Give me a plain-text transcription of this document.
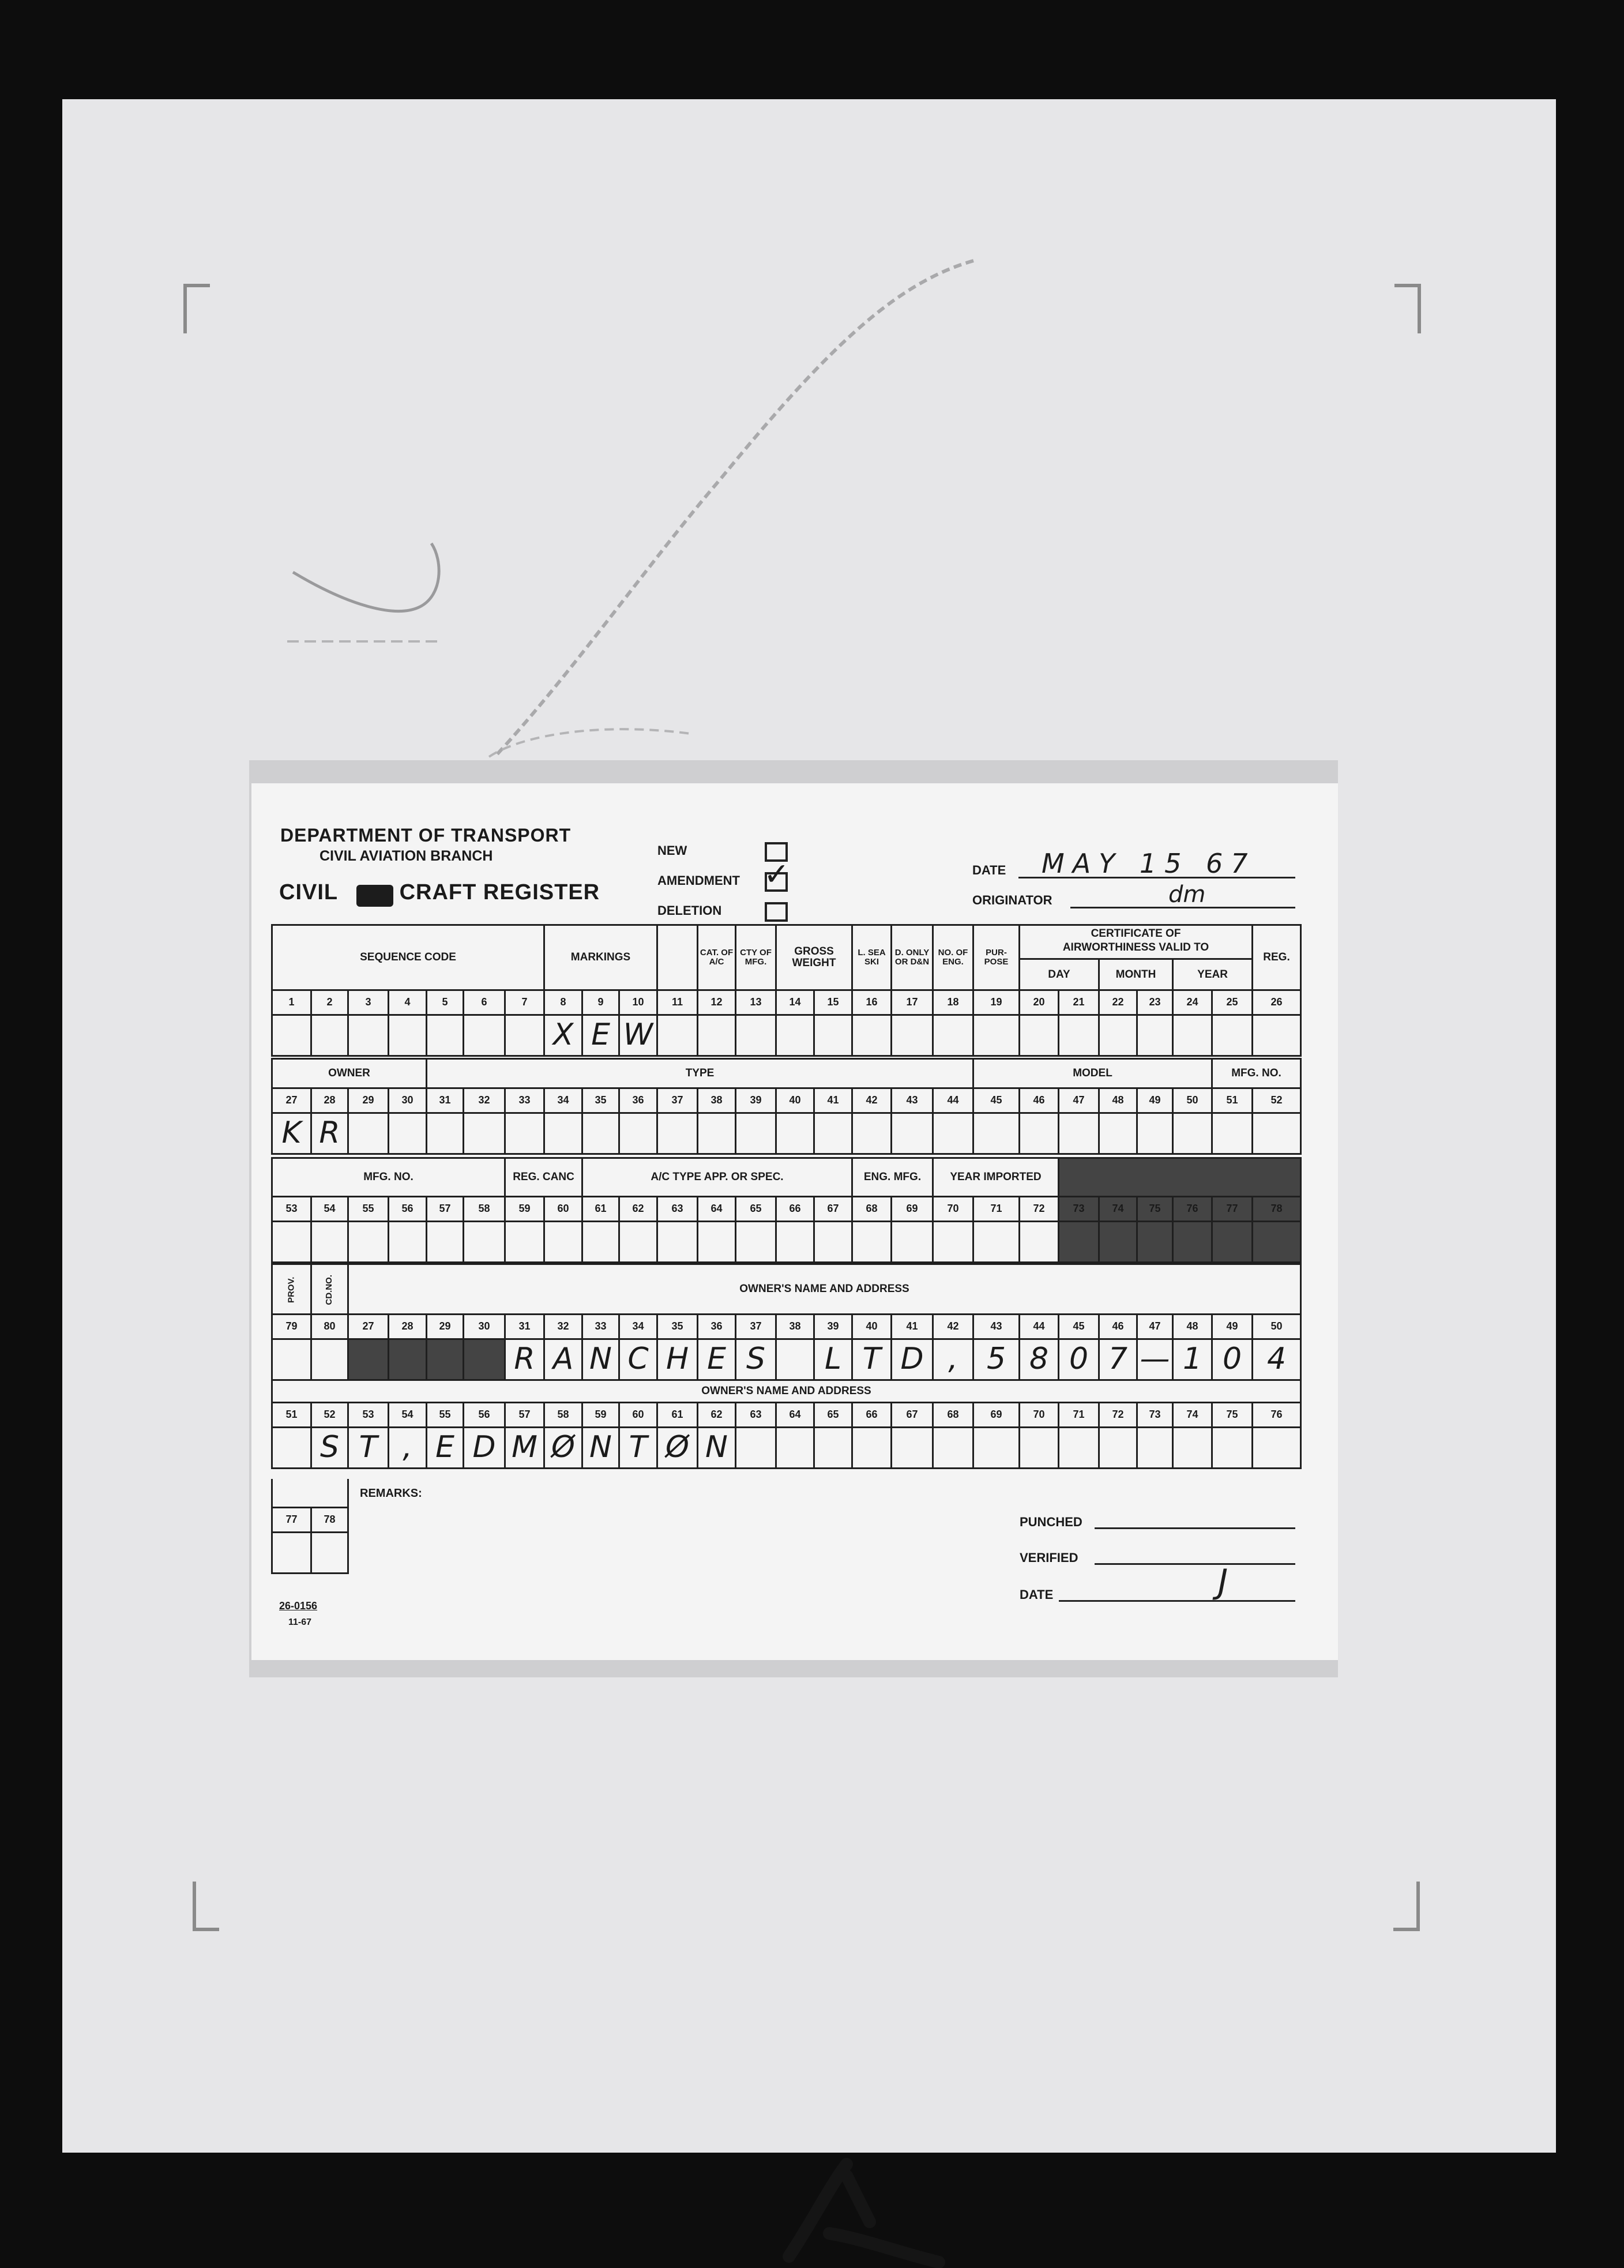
DEPARTMENT OF TRANSPORT
CIVIL AVIATION BRANCH
CIVIL	CRAFT REGISTER
NEW
AMENDMENT ✓
DELETION
DATE MAY 15 67
ORIGINATOR	dm
SEQUENCE CODE							MARKINGS				CAT. OF A/C	CTY OF MFG.	GROSS WEIGHT		L. SEA SKI	D. ONLY OR D&N	NO. OF ENG.	PUR- POSE	CERTIFICATE OF
AIRWORTHINESS VALID TO
DAY MONTH YEAR						REG.
1	2	3	4	5	6	7	8	9	10	11	12	13	14	15	16	17	18	19	20	21	22	23	24	25	26
							X	E	W																
OWNER				TYPE														MODEL						MFG. NO.	
27	28	29	30	31	32	33	34	35	36	37	38	39	40	41	42	43	44	45	46	47	48	49	50	51	52
K	R																								
MFG. NO.						REG. CANC		A/C TYPE APP. OR SPEC.							ENG. MFG.		YEAR IMPORTED								
53	54	55	56	57	58	59	60	61	62	63	64	65	66	67	68	69	70	71	72	73	74	75	76	77	78

PROV.	CD.NO.	OWNER'S NAME AND ADDRESS																							
79	80	27	28	29	30	31	32	33	34	35	36	37	38	39	40	41	42	43	44	45	46	47	48	49	50
						R	A	N	C	H	E	S		L	T	D	,	5	8	0	7	—	1	0	4
OWNER'S NAME AND ADDRESS																									
51	52	53	54	55	56	57	58	59	60	61	62	63	64	65	66	67	68	69	70	71	72	73	74	75	76
	S	T	,	E	D	M	Ø	N	T	Ø	N														

77	78

REMARKS:
PUNCHED
VERIFIED
DATE	J
26-0156
11-67
